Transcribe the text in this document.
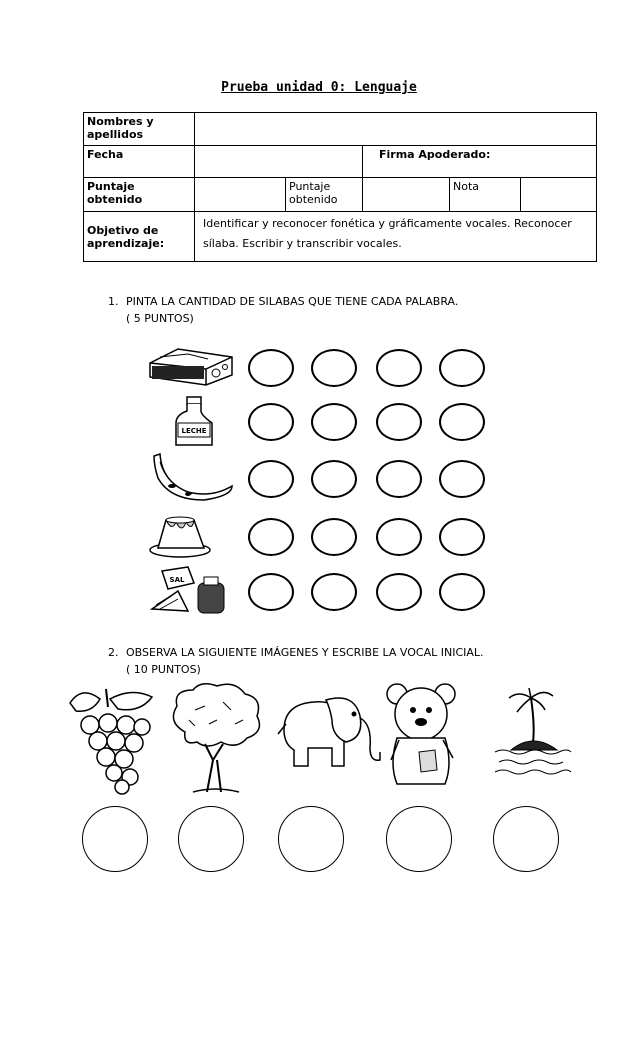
Prueba unidad 0: Lenguaje
Nombres y apellidos					
Fecha			Firma Apoderado:		
Puntaje obtenido		Puntaje obtenido		Nota	
Objetivo de aprendizaje:	Identificar y reconocer fonética y gráficamente vocales. Reconocer sílaba. Escribir y transcribir vocales.				
1. PINTA LA CANTIDAD DE SILABAS QUE TIENE CADA PALABRA.
( 5 PUNTOS)
LECHE
SAL
2. OBSERVA LA SIGUIENTE IMÁGENES Y ESCRIBE LA VOCAL INICIAL.
( 10 PUNTOS)
